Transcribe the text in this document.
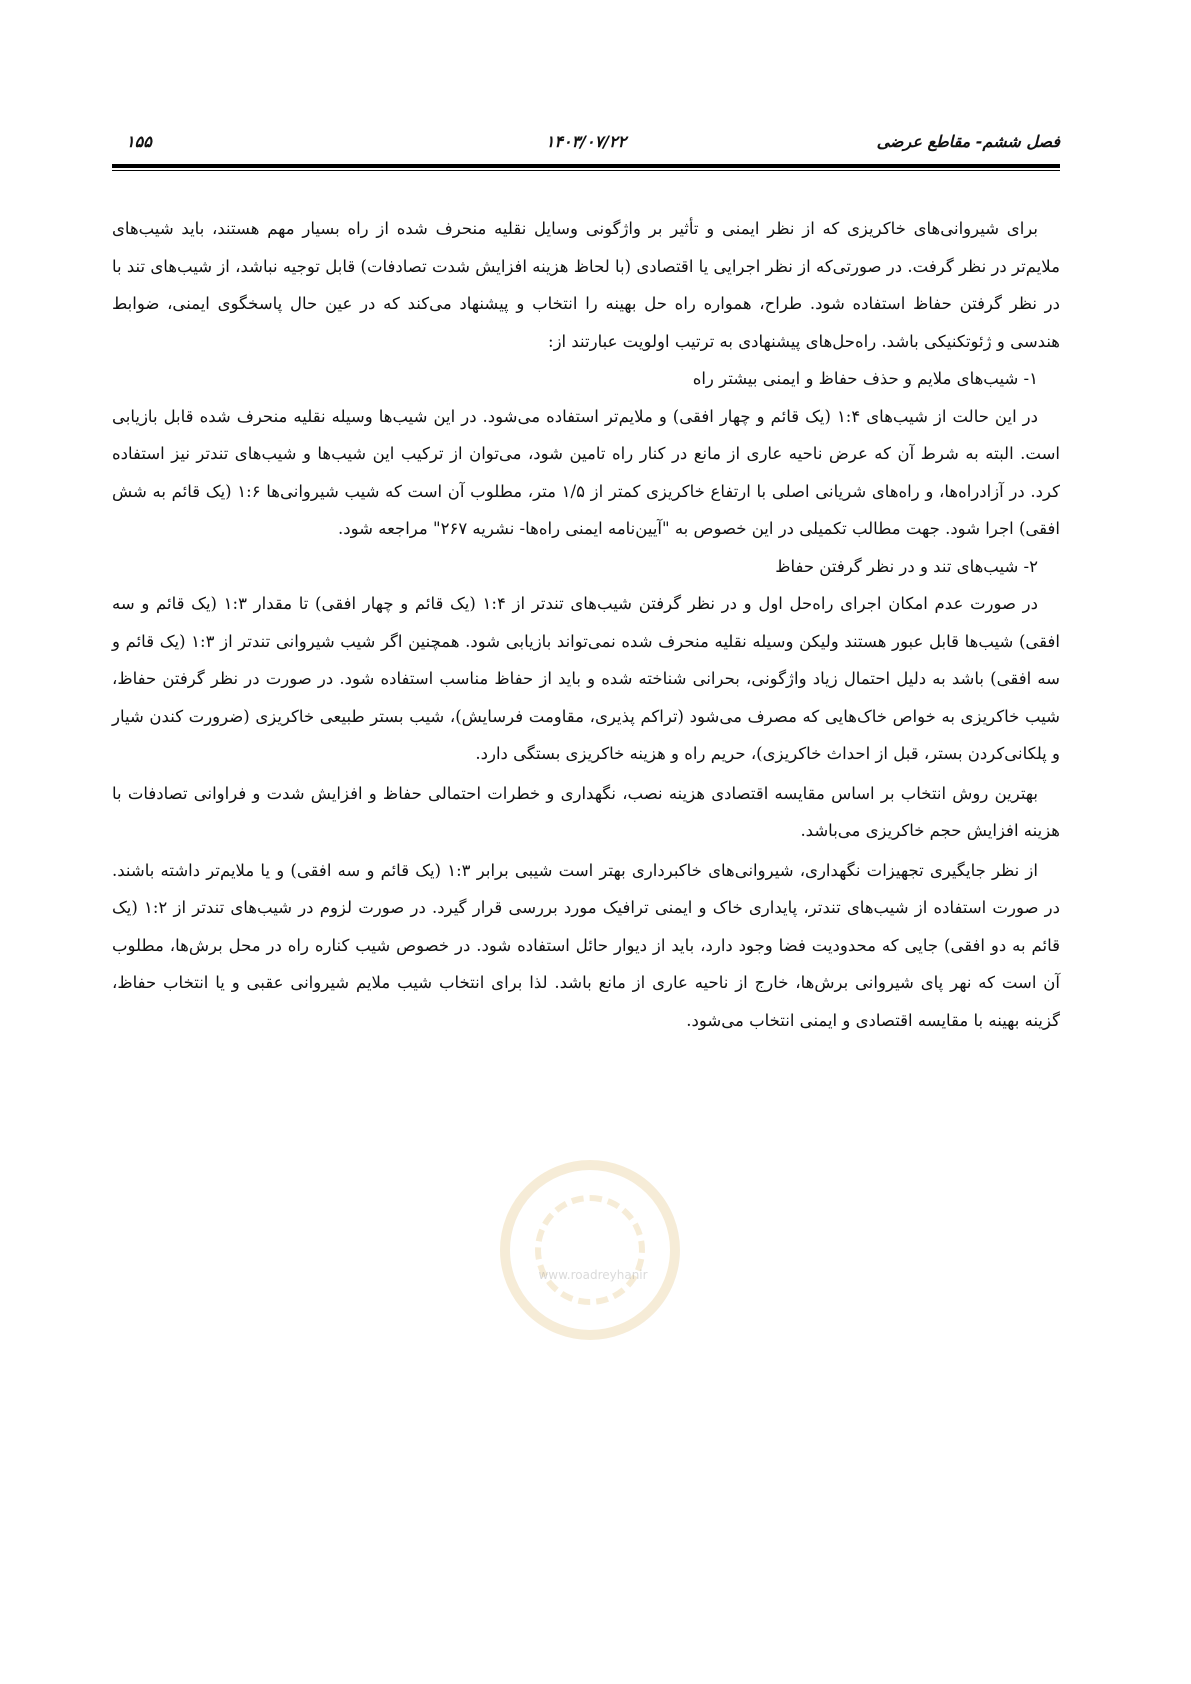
فصل ششم- مقاطع عرضی
۱۴۰۳/۰۷/۲۲
۱۵۵
www.roadreyhanir

برای شیروانی‌های خاکریزی که از نظر ایمنی و تأثیر بر واژگونی وسایل نقلیه منحرف شده از راه بسیار مهم هستند، باید شیب‌های ملایم‌تر در نظر گرفت. در صورتی‌که از نظر اجرایی یا اقتصادی (با لحاظ هزینه افزایش شدت تصادفات) قابل توجیه نباشد، از شیب‌های تند با در نظر گرفتن حفاظ استفاده شود. طراح، همواره راه حل بهینه را انتخاب و پیشنهاد می‌کند که در عین حال پاسخگوی ایمنی، ضوابط هندسی و ژئوتکنیکی باشد. راه‌حل‌های پیشنهادی به ترتیب اولویت عبارتند از:

۱- شیب‌های ملایم و حذف حفاظ و ایمنی بیشتر راه

در این حالت از شیب‌های ۱:۴ (یک قائم و چهار افقی) و ملایم‌تر استفاده می‌شود. در این شیب‌ها وسیله نقلیه منحرف شده قابل بازیابی است. البته به شرط آن که عرض ناحیه عاری از مانع در کنار راه تامین شود، می‌توان از ترکیب این شیب‌ها و شیب‌های تندتر نیز استفاده کرد. در آزادراه‌ها، و راه‌های شریانی اصلی با ارتفاع خاکریزی کمتر از ۱/۵ متر، مطلوب آن است که شیب شیروانی‌ها ۱:۶ (یک قائم به شش افقی) اجرا شود. جهت مطالب تکمیلی در این خصوص به "آیین‌نامه ایمنی راه‌ها- نشریه ۲۶۷" مراجعه شود.

۲- شیب‌های تند و در نظر گرفتن حفاظ

در صورت عدم امکان اجرای راه‌حل اول و در نظر گرفتن شیب‌های تندتر از ۱:۴ (یک قائم و چهار افقی) تا مقدار ۱:۳ (یک قائم و سه افقی) شیب‌ها قابل عبور هستند ولیکن وسیله نقلیه منحرف شده نمی‌تواند بازیابی شود. همچنین اگر شیب شیروانی تندتر از ۱:۳ (یک قائم و سه افقی) باشد به دلیل احتمال زیاد واژگونی، بحرانی شناخته شده و باید از حفاظ مناسب استفاده شود. در صورت در نظر گرفتن حفاظ، شیب خاکریزی به خواص خاک‌هایی که مصرف می‌شود (تراکم پذیری، مقاومت فرسایش)، شیب بستر طبیعی خاکریزی (ضرورت کندن شیار و پلکانی‌کردن بستر، قبل از احداث خاکریزی)، حریم راه و هزینه خاکریزی بستگی دارد.

بهترین روش انتخاب بر اساس مقایسه اقتصادی هزینه نصب، نگهداری و خطرات احتمالی حفاظ و افزایش شدت و فراوانی تصادفات با هزینه افزایش حجم خاکریزی می‌باشد.

از نظر جایگیری تجهیزات نگهداری، شیروانی‌های خاکبرداری بهتر است شیبی برابر ۱:۳ (یک قائم و سه افقی) و یا ملایم‌تر داشته باشند. در صورت استفاده از شیب‌های تندتر، پایداری خاک و ایمنی ترافیک مورد بررسی قرار گیرد. در صورت لزوم در شیب‌های تندتر از ۱:۲ (یک قائم به دو افقی) جایی که محدودیت فضا وجود دارد، باید از دیوار حائل استفاده شود. در خصوص شیب کناره راه در محل برش‌ها، مطلوب آن است که نهر پای شیروانی برش‌ها، خارج از ناحیه عاری از مانع باشد. لذا برای انتخاب شیب ملایم شیروانی عقبی و یا انتخاب حفاظ، گزینه بهینه با مقایسه اقتصادی و ایمنی انتخاب می‌شود.
